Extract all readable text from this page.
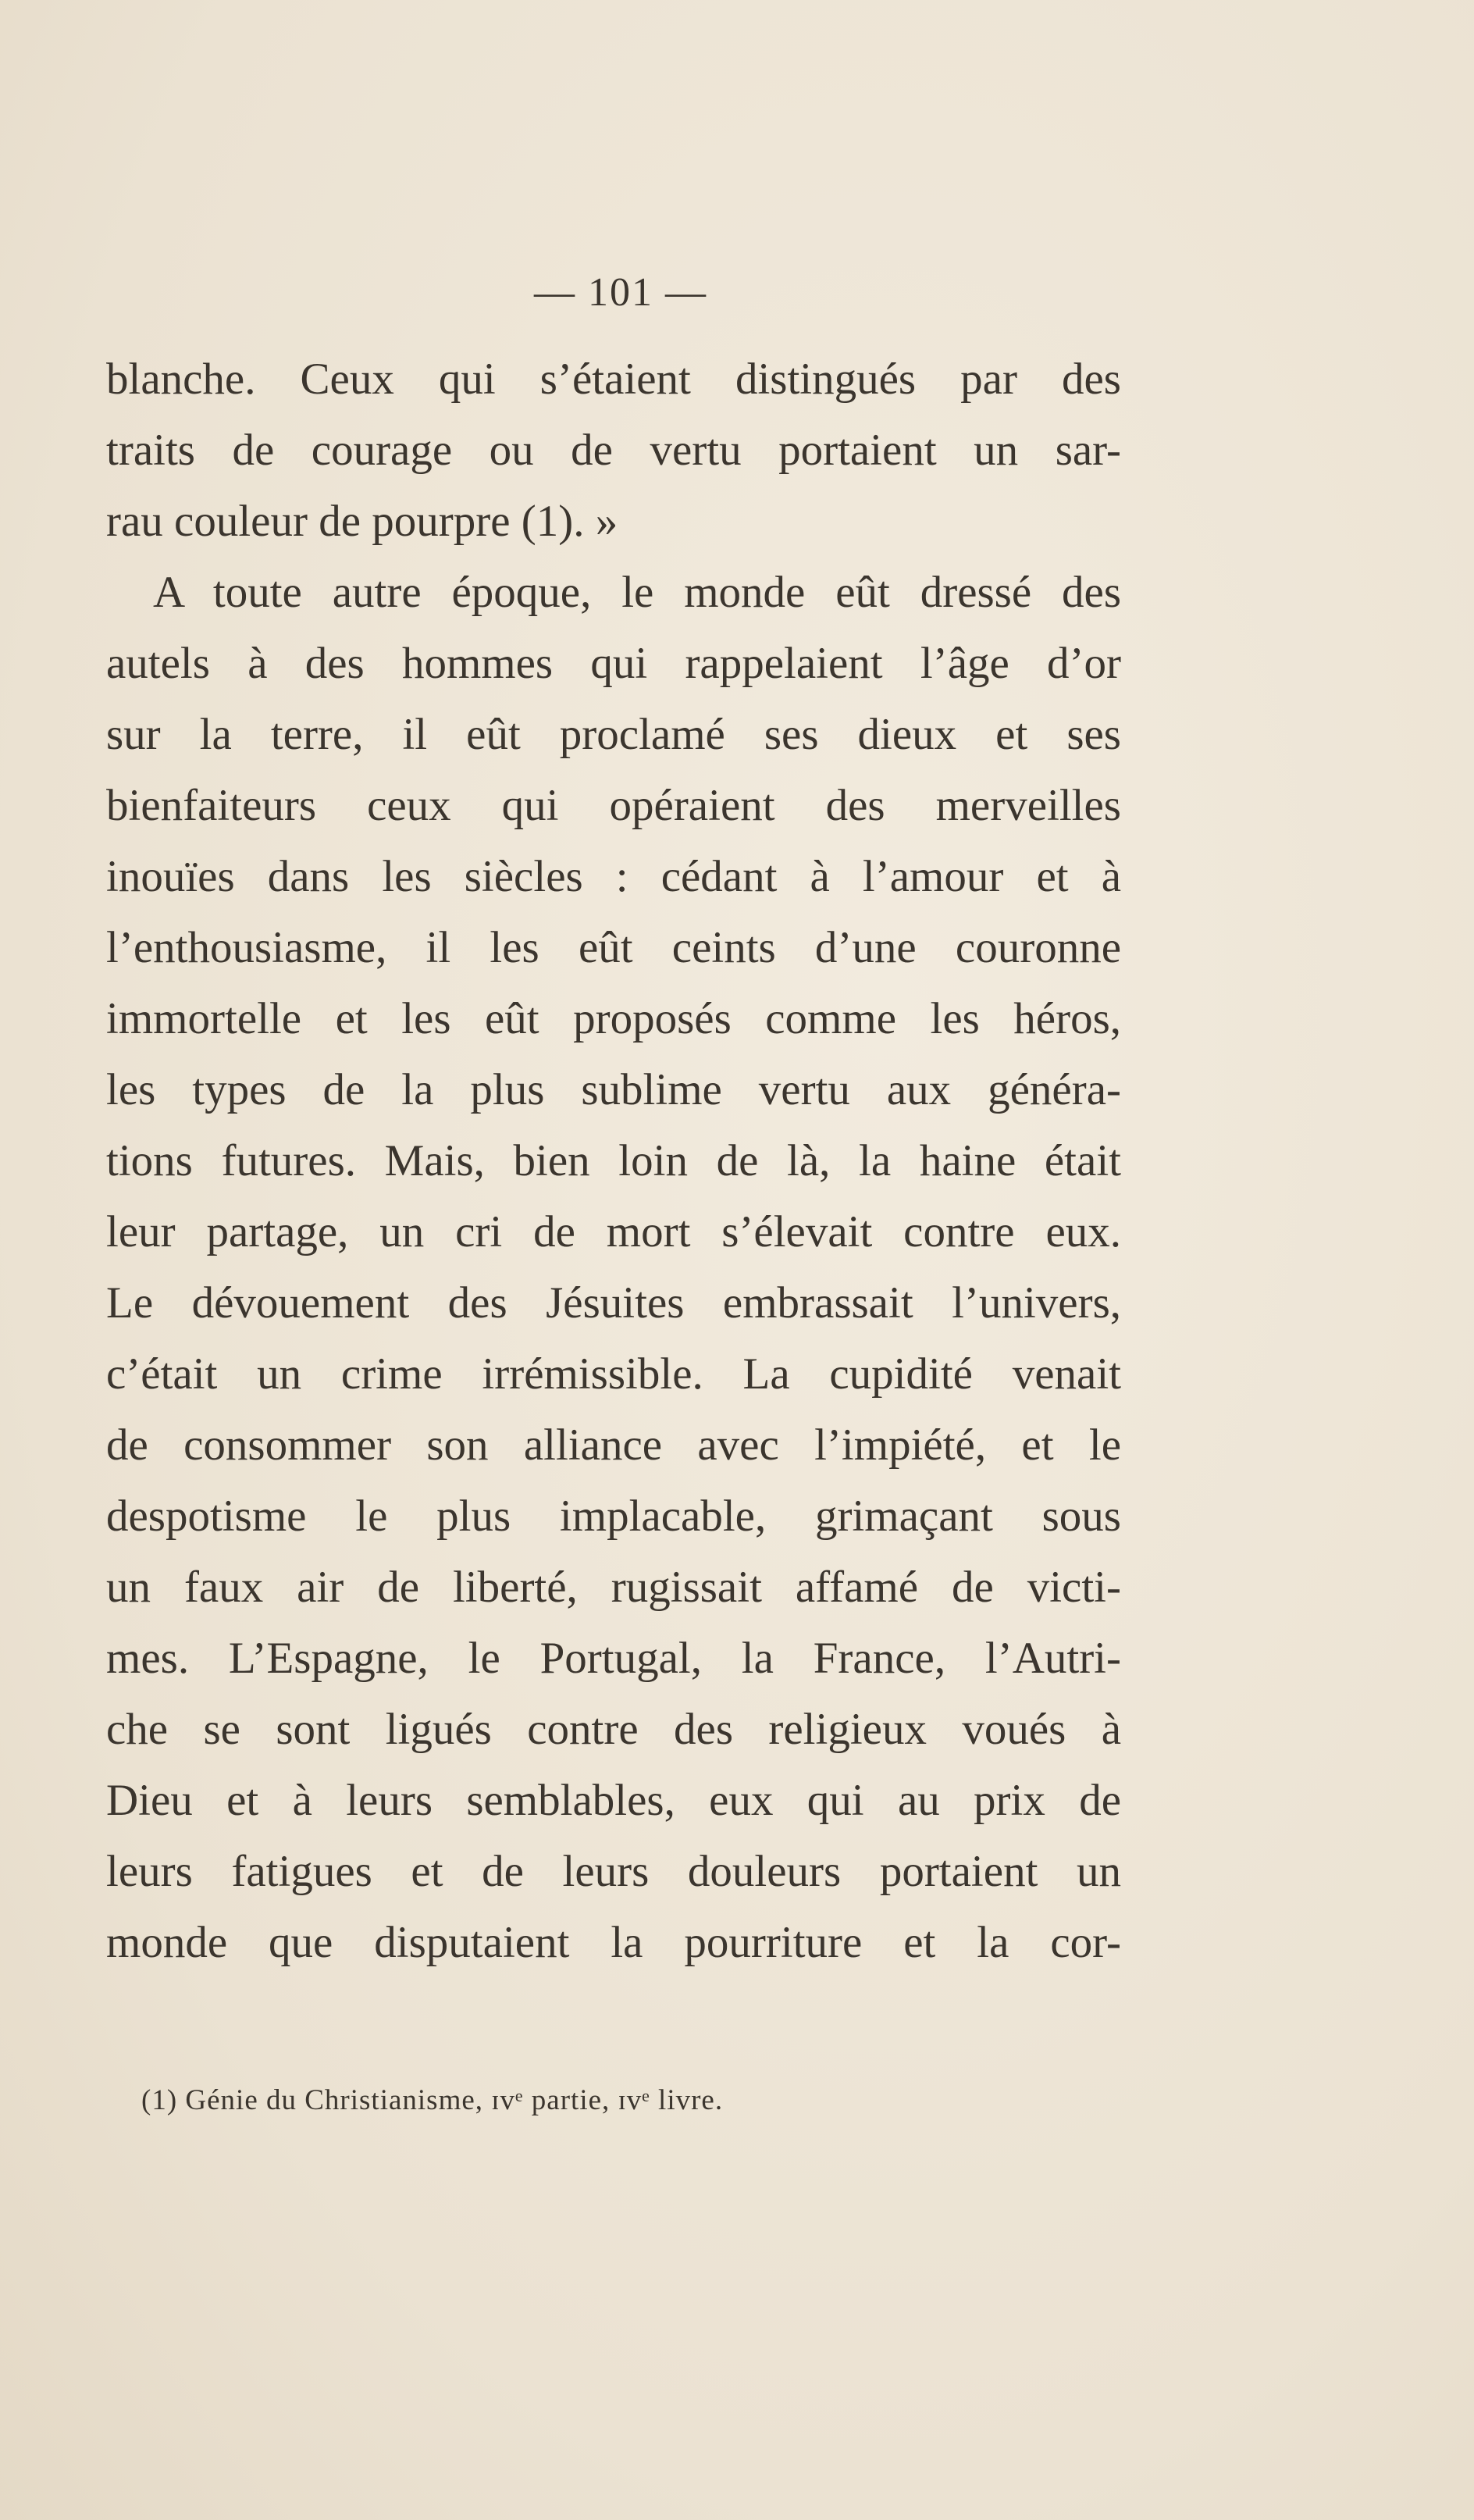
— 101 —
blanche. Ceux qui s’étaient distingués par des
traits de courage ou de vertu portaient un sar-
rau couleur de pourpre (1). »
A toute autre époque, le monde eût dressé des
autels à des hommes qui rappelaient l’âge d’or
sur la terre, il eût proclamé ses dieux et ses
bienfaiteurs ceux qui opéraient des merveilles
inouïes dans les siècles : cédant à l’amour et à
l’enthousiasme, il les eût ceints d’une couronne
immortelle et les eût proposés comme les héros,
les types de la plus sublime vertu aux généra-
tions futures. Mais, bien loin de là, la haine était
leur partage, un cri de mort s’élevait contre eux.
Le dévouement des Jésuites embrassait l’univers,
c’était un crime irrémissible. La cupidité venait
de consommer son alliance avec l’impiété, et le
despotisme le plus implacable, grimaçant sous
un faux air de liberté, rugissait affamé de victi-
mes. L’Espagne, le Portugal, la France, l’Autri-
che se sont ligués contre des religieux voués à
Dieu et à leurs semblables, eux qui au prix de
leurs fatigues et de leurs douleurs portaient un
monde que disputaient la pourriture et la cor-
(1) Génie du Christianisme, ɪᴠᵉ partie, ɪᴠᵉ livre.
